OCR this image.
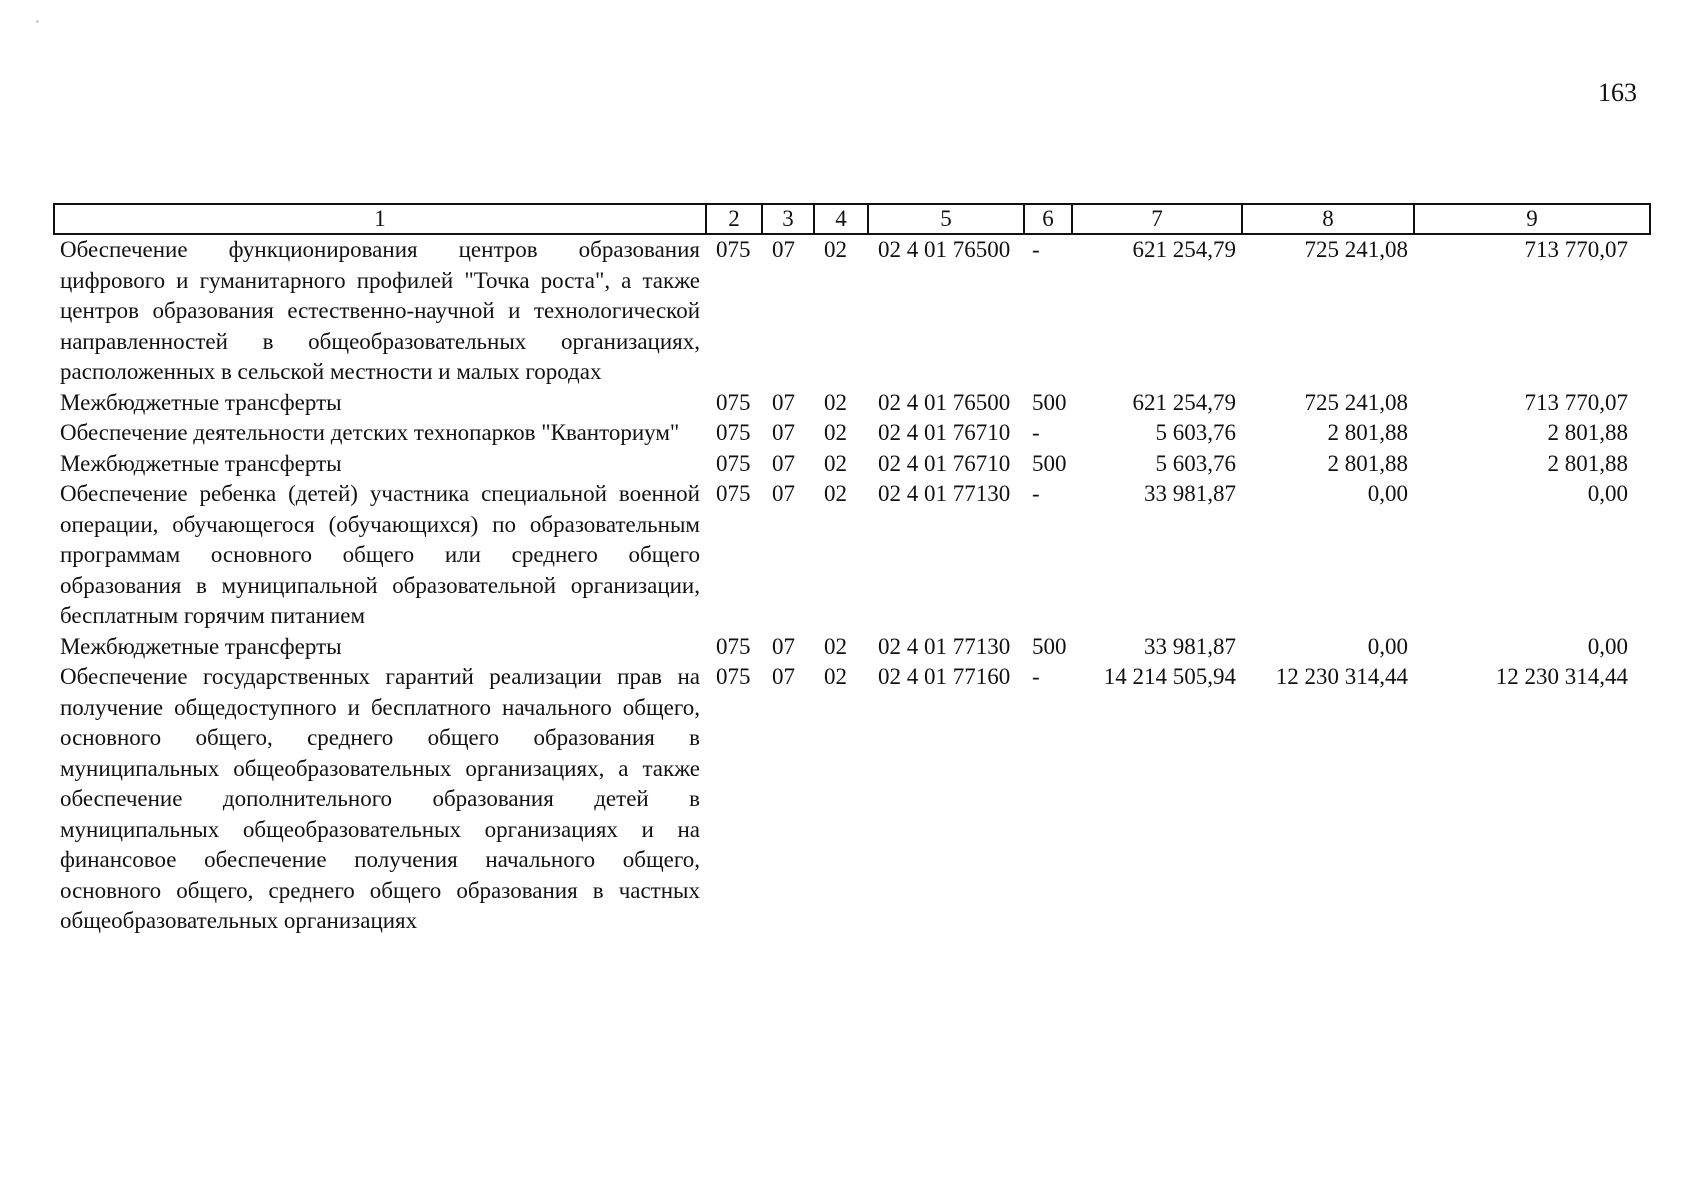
163
1	2	3	4	5	6	7	8	9
Обеспечение функционирования центров образования цифрового и гуманитарного профилей "Точка роста", а также центров образования естественно-научной и технологической направленностей в общеобразовательных организациях, расположенных в сельской местности и малых городах	075	07	02	02 4 01 76500	-	621 254,79	725 241,08	713 770,07
Межбюджетные трансферты	075	07	02	02 4 01 76500	500	621 254,79	725 241,08	713 770,07
Обеспечение деятельности детских технопарков "Кванториум"	075	07	02	02 4 01 76710	-	5 603,76	2 801,88	2 801,88
Межбюджетные трансферты	075	07	02	02 4 01 76710	500	5 603,76	2 801,88	2 801,88
Обеспечение ребенка (детей) участника специальной военной операции, обучающегося (обучающихся) по образовательным программам основного общего или среднего общего образования в муниципальной образовательной организации, бесплатным горячим питанием	075	07	02	02 4 01 77130	-	33 981,87	0,00	0,00
Межбюджетные трансферты	075	07	02	02 4 01 77130	500	33 981,87	0,00	0,00
Обеспечение государственных гарантий реализации прав на получение общедоступного и бесплатного начального общего, основного общего, среднего общего образования в муниципальных общеобразовательных организациях, а также обеспечение дополнительного образования детей в муниципальных общеобразовательных организациях и на финансовое обеспечение получения начального общего, основного общего, среднего общего образования в частных общеобразовательных организациях	075	07	02	02 4 01 77160	-	14 214 505,94	12 230 314,44	12 230 314,44
